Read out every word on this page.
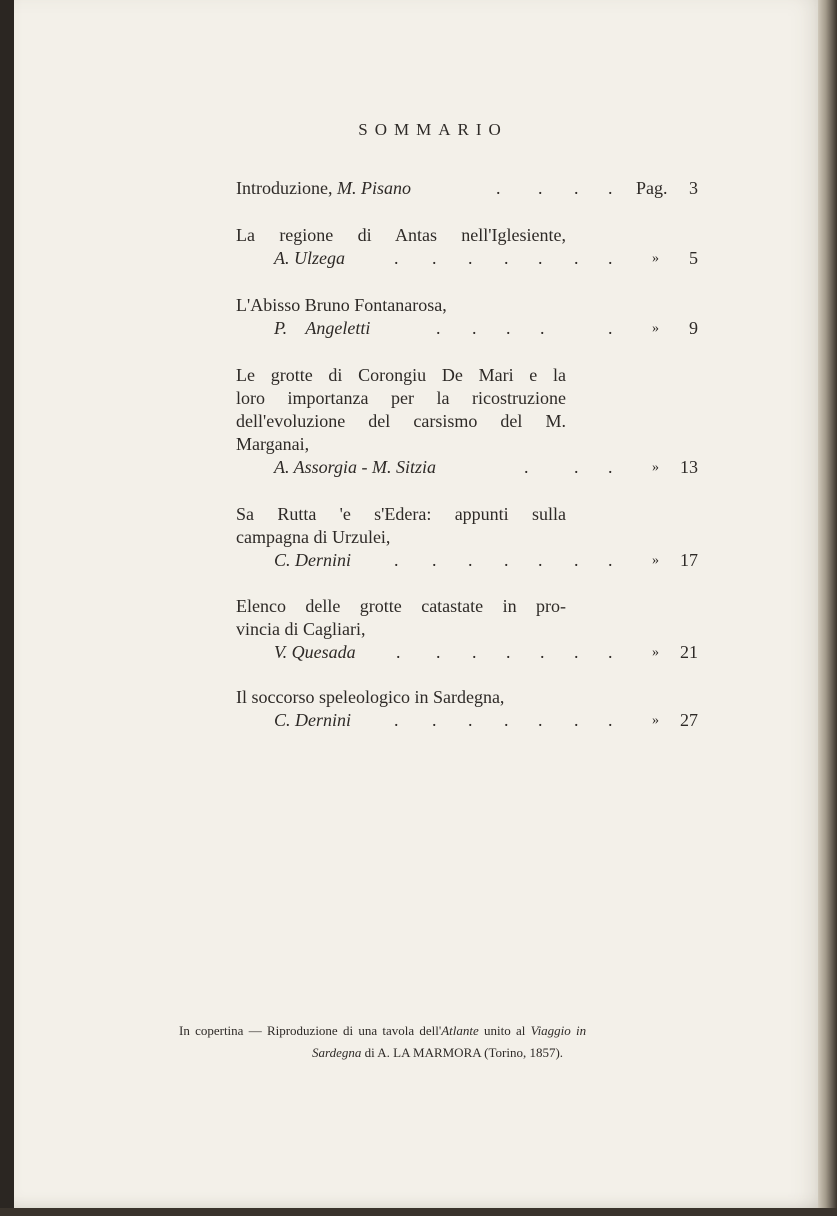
SOMMARIO
Introduzione, M. Pisano	. . . . Pag. 3
La regione di Antas nell'Iglesiente,
A. Ulzega	. . . . . . .	» 5
L'Abisso Bruno Fontanarosa,
P. Angeletti	. . . .	.	» 9
Le grotte di Corongiu De Mari e la
loro importanza per la ricostruzione
dell'evoluzione del carsismo del M.
Marganai,
A. Assorgia - M. Sitzia	.	. .	» 13
Sa Rutta 'e s'Edera: appunti sulla
campagna di Urzulei,
C. Dernini . . . . . . .	» 17
Elenco delle grotte catastate in pro-
vincia di Cagliari,
V. Quesada . . . . . . .	» 21
Il soccorso speleologico in Sardegna,
C. Dernini . . . . . . .	» 27
In copertina — Riproduzione di una tavola dell'Atlante unito al Viaggio in
Sardegna di A. LA MARMORA (Torino, 1857).
